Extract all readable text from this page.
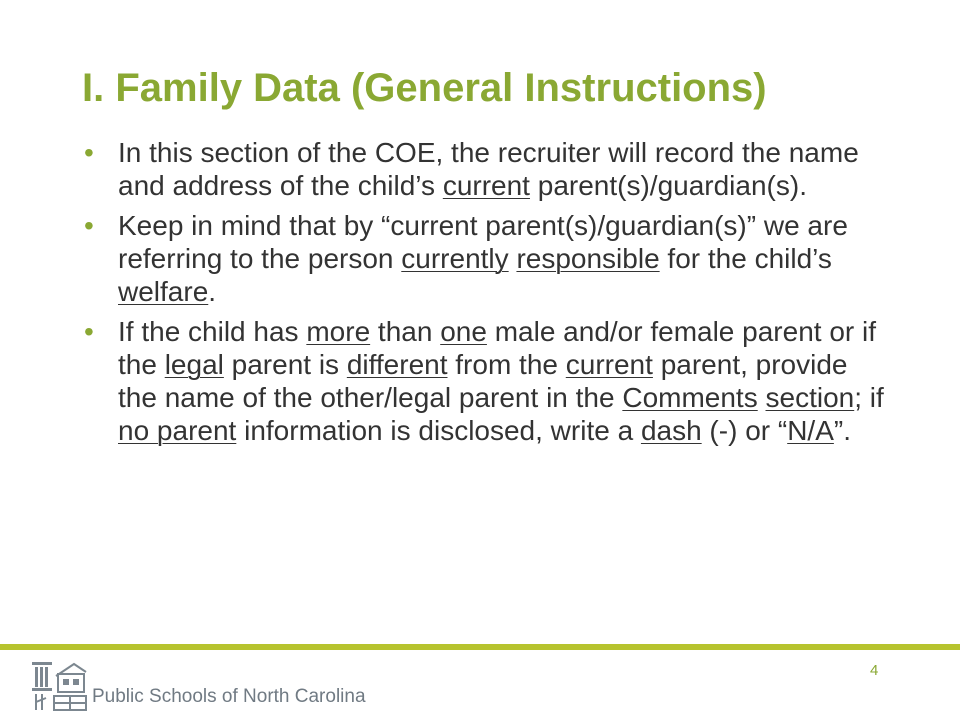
I. Family Data (General Instructions)
• In this section of the COE, the recruiter will record the name and address of the child’s current parent(s)/guardian(s).
• Keep in mind that by “current parent(s)/guardian(s)” we are referring to the person currently responsible for the child’s welfare.
• If the child has more than one male and/or female parent or if the legal parent is different from the current parent, provide the name of the other/legal parent in the Comments section; if no parent information is disclosed, write a dash (-) or “N/A”.
4
Public Schools of North Carolina
